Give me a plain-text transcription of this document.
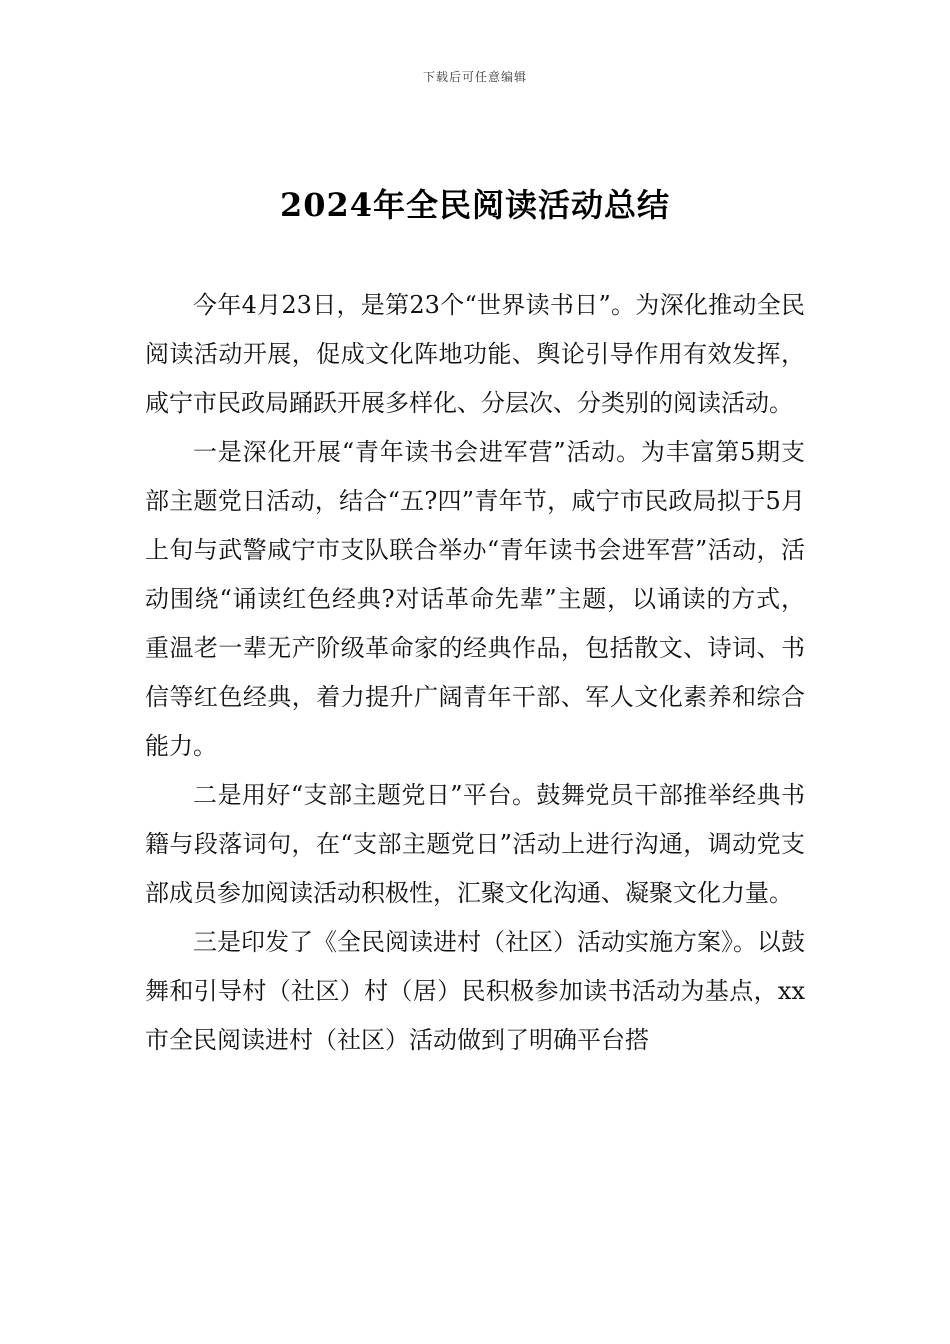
下载后可任意编辑
2024年全民阅读活动总结

今年4月23日，是第23个“世界读书日”。为深化推动全民阅读活动开展，促成文化阵地功能、舆论引导作用有效发挥，咸宁市民政局踊跃开展多样化、分层次、分类别的阅读活动。

一是深化开展“青年读书会进军营”活动。为丰富第5期支部主题党日活动，结合“五?四”青年节，咸宁市民政局拟于5月上旬与武警咸宁市支队联合举办“青年读书会进军营”活动，活动围绕“诵读红色经典?对话革命先辈”主题，以诵读的方式，重温老一辈无产阶级革命家的经典作品，包括散文、诗词、书信等红色经典，着力提升广阔青年干部、军人文化素养和综合能力。

二是用好“支部主题党日”平台。鼓舞党员干部推举经典书籍与段落词句，在“支部主题党日”活动上进行沟通，调动党支部成员参加阅读活动积极性，汇聚文化沟通、凝聚文化力量。

三是印发了《全民阅读进村（社区）活动实施方案》。以鼓舞和引导村（社区）村（居）民积极参加读书活动为基点，xx市全民阅读进村（社区）活动做到了明确平台搭
